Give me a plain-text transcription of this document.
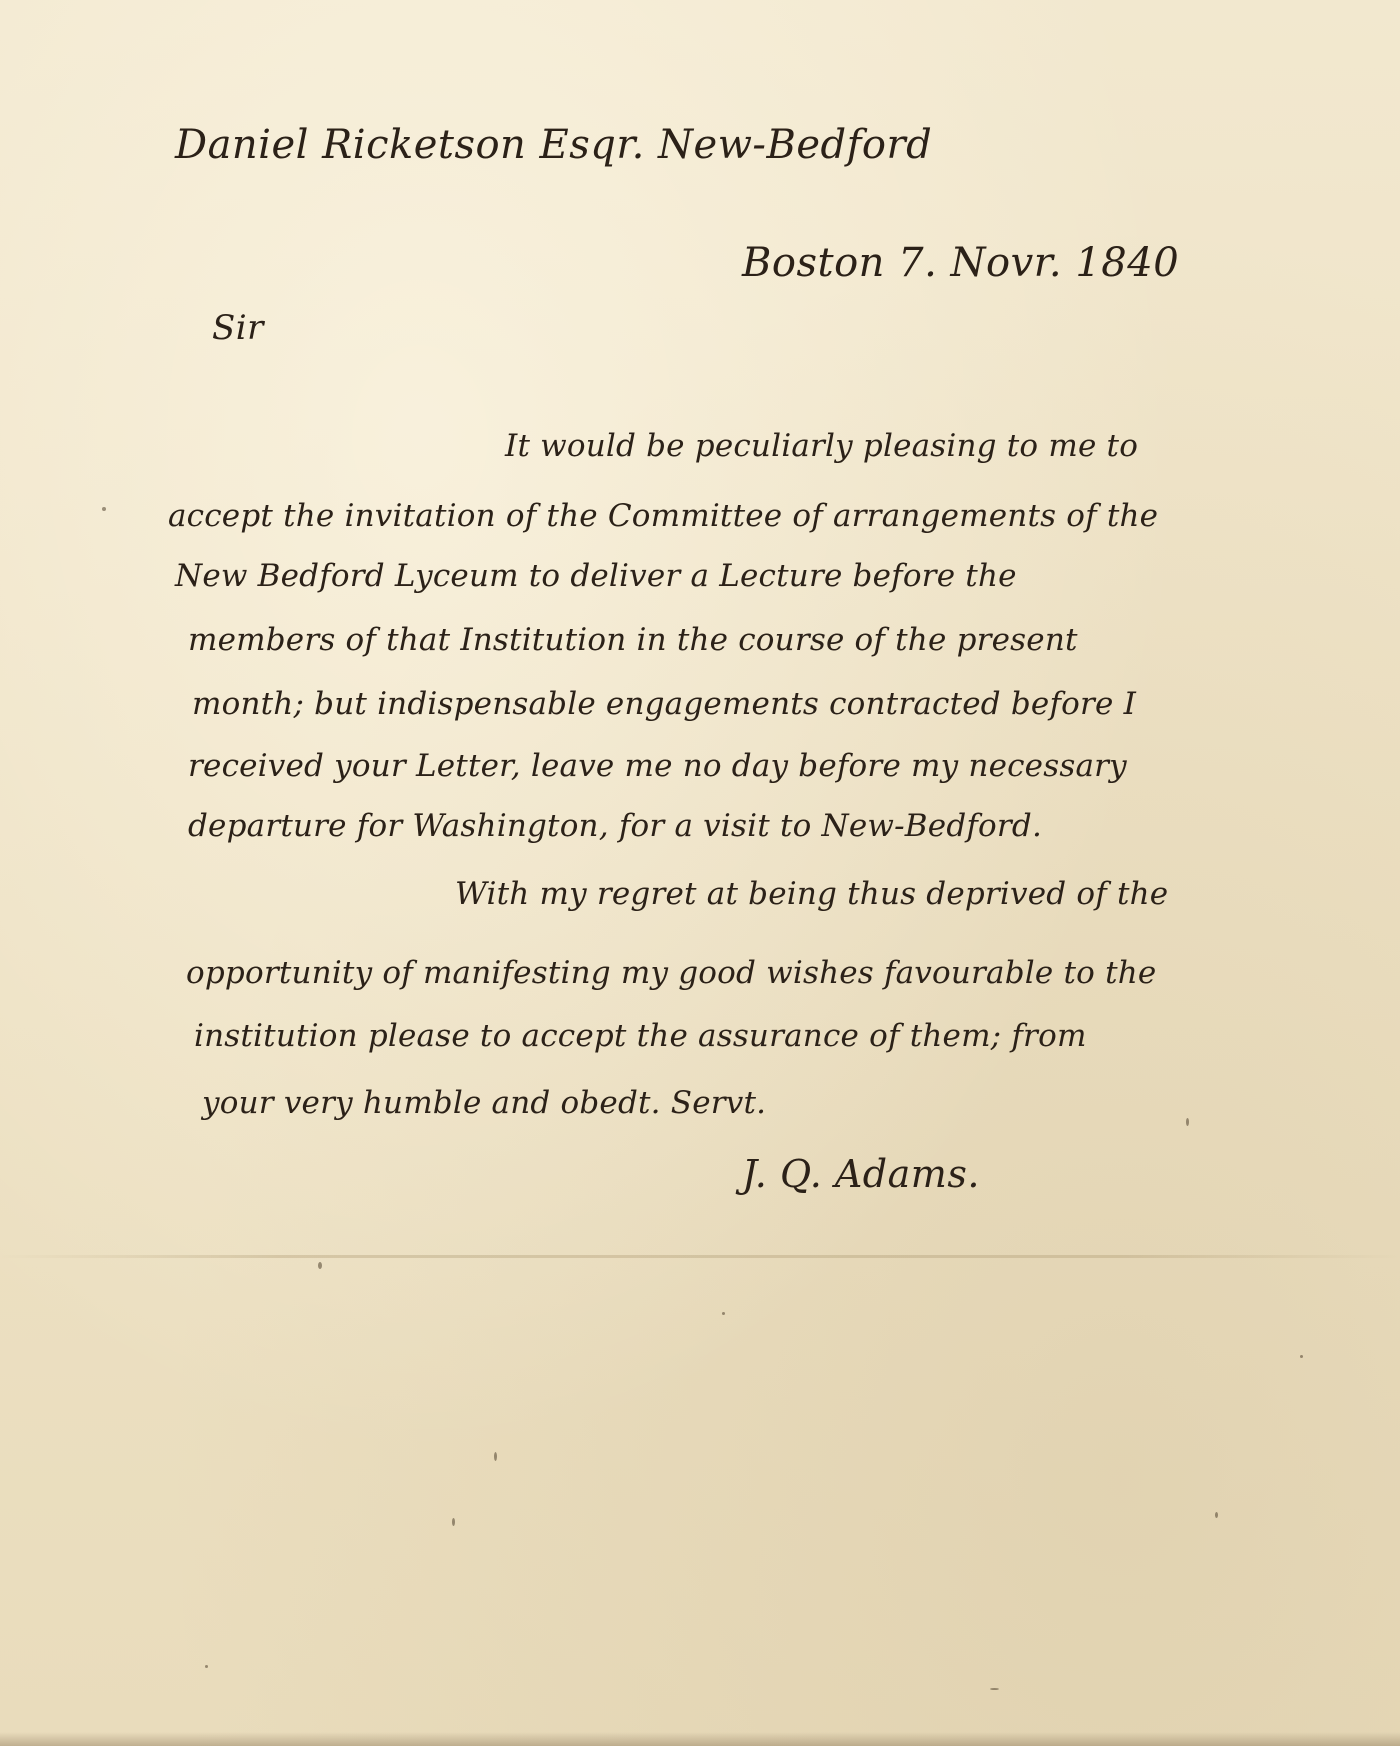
Daniel Ricketson Esqr. New-Bedford
Boston 7. Novr. 1840
Sir
It would be peculiarly pleasing to me to
accept the invitation of the Committee of arrangements of the
New Bedford Lyceum to deliver a Lecture before the
members of that Institution in the course of the present
month; but indispensable engagements contracted before I
received your Letter, leave me no day before my necessary
departure for Washington, for a visit to New-Bedford.
With my regret at being thus deprived of the
opportunity of manifesting my good wishes favourable to the
institution please to accept the assurance of them; from
your very humble and obedt. Servt.
J. Q. Adams.
